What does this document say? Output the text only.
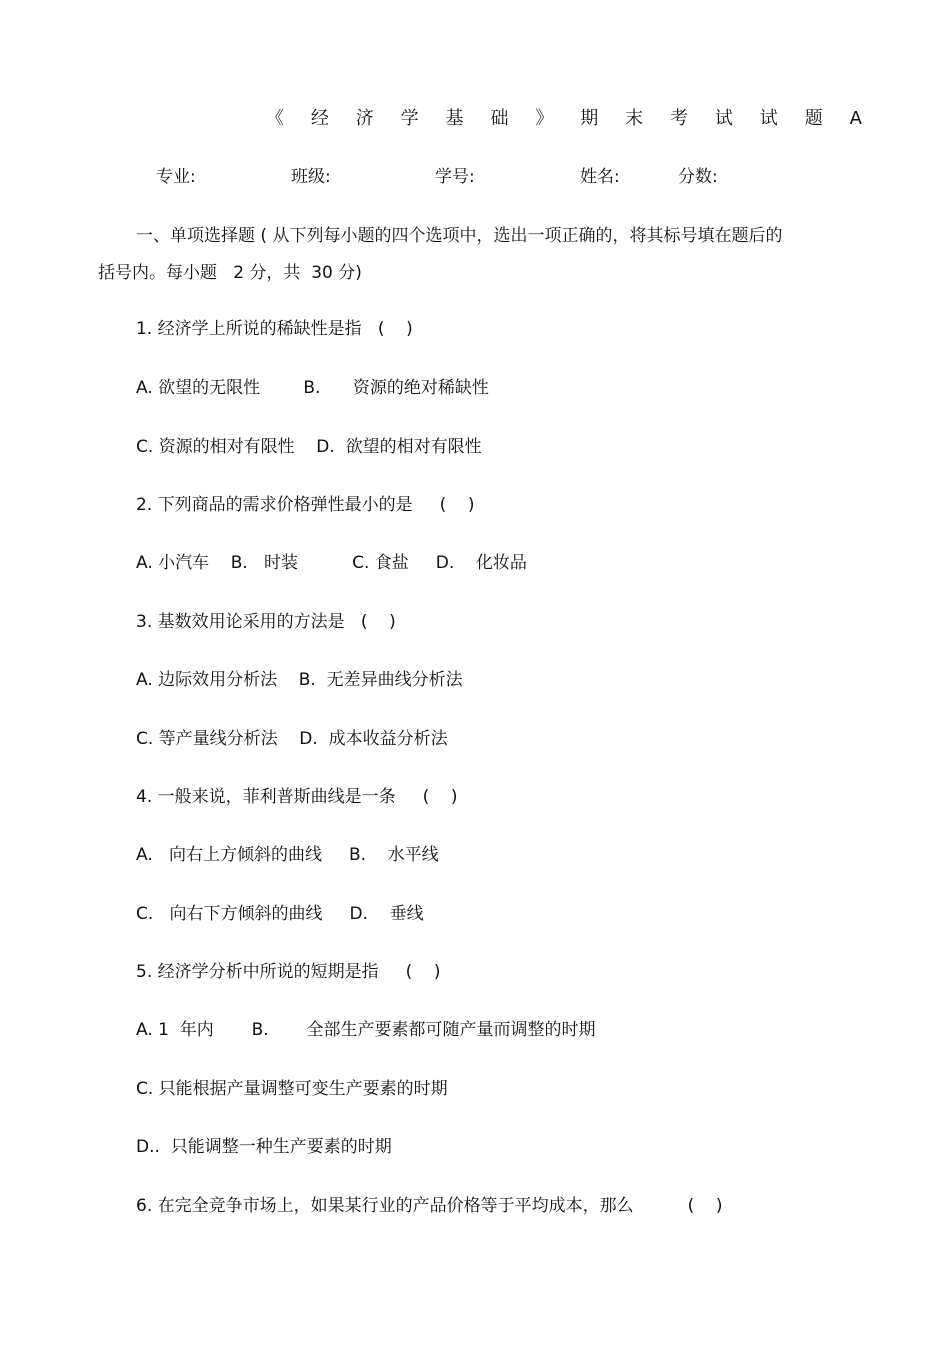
《 经 济 学 基 础 》 期 末 考 试 试 题 A
专业:	班级:	学号:	姓名:	分数:
一、单项选择题 ( 从下列每小题的四个选项中，选出一项正确的，将其标号填在题后的
括号内。每小题   2 分，共  30 分)
1. 经济学上所说的稀缺性是指   (    )
A. 欲望的无限性        B.      资源的绝对稀缺性
C. 资源的相对有限性    D.  欲望的相对有限性
2. 下列商品的需求价格弹性最小的是     (    )
A. 小汽车    B.   时装          C. 食盐     D.    化妆品
3. 基数效用论采用的方法是   (    )
A. 边际效用分析法    B.  无差异曲线分析法
C. 等产量线分析法    D.  成本收益分析法
4. 一般来说，菲利普斯曲线是一条     (    )
A.   向右上方倾斜的曲线     B.    水平线
C.   向右下方倾斜的曲线     D.    垂线
5. 经济学分析中所说的短期是指     (    )
A. 1  年内       B.       全部生产要素都可随产量而调整的时期
C. 只能根据产量调整可变生产要素的时期
D..  只能调整一种生产要素的时期
6. 在完全竞争市场上，如果某行业的产品价格等于平均成本，那么          (    )
